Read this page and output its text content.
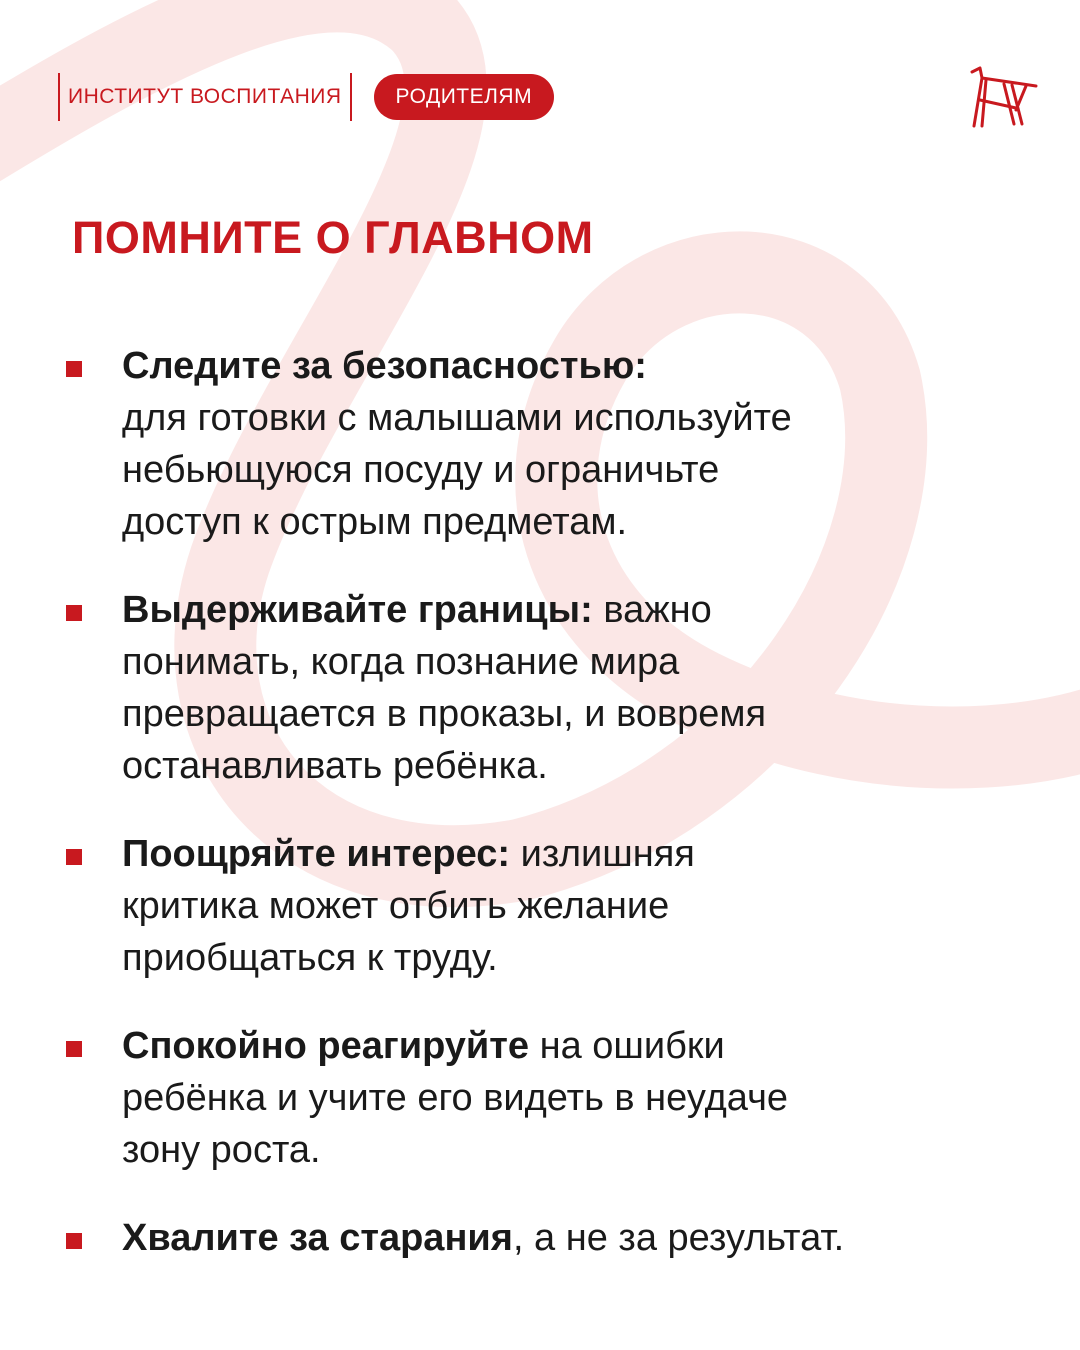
ИНСТИТУТ ВОСПИТАНИЯ	РОДИТЕЛЯМ
ПОМНИТЕ О ГЛАВНОМ
Следите за безопасностью:
для готовки с малышами используйте
небьющуюся посуду и ограничьте
доступ к острым предметам.
Выдерживайте границы: важно
понимать, когда познание мира
превращается в проказы, и вовремя
останавливать ребёнка.
Поощряйте интерес: излишняя
критика может отбить желание
приобщаться к труду.
Спокойно реагируйте на ошибки
ребёнка и учите его видеть в неудаче
зону роста.
Хвалите за старания, а не за результат.
